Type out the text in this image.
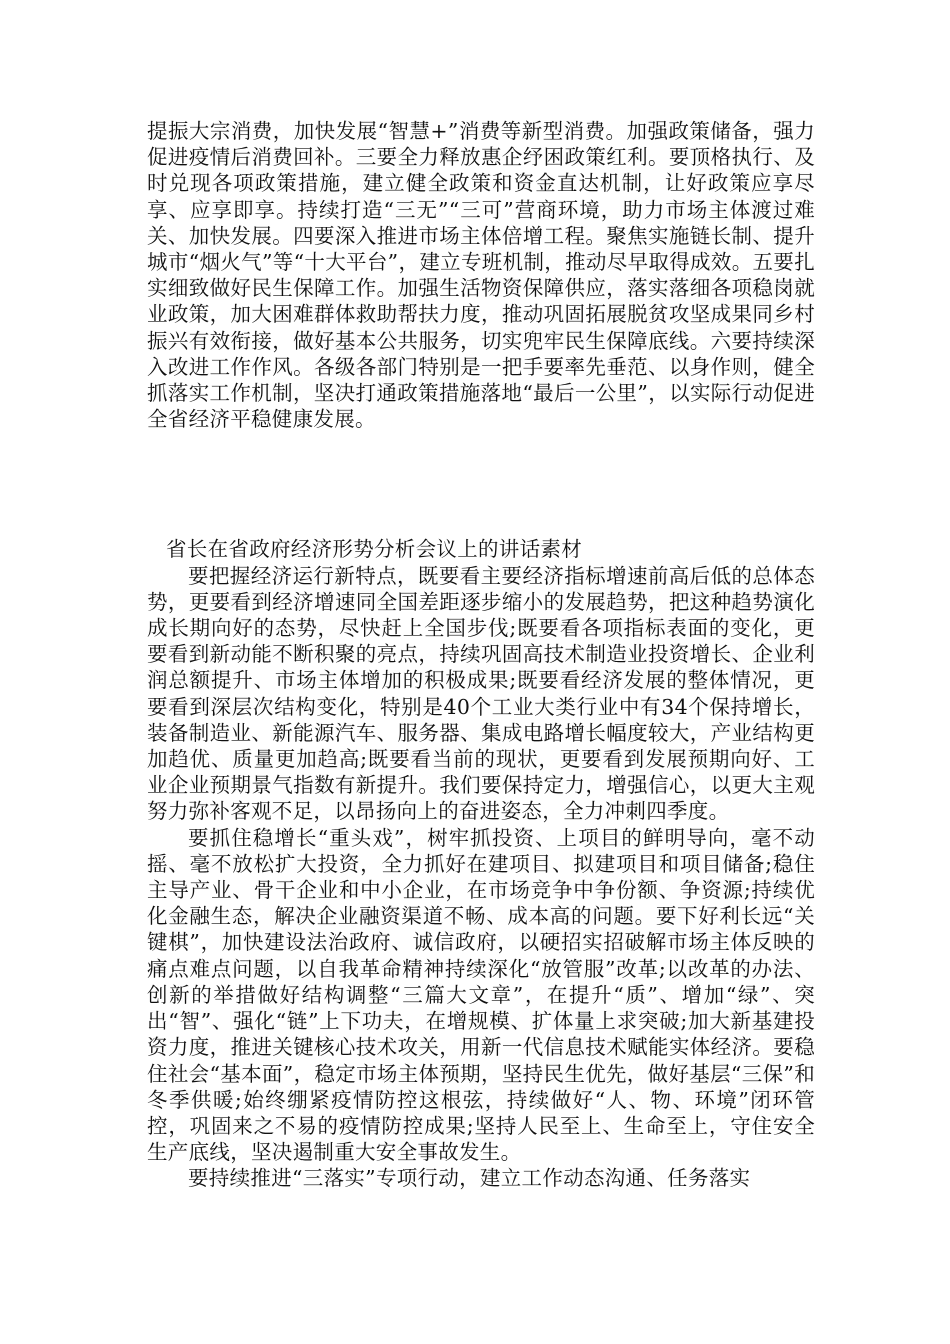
提振大宗消费，加快发展“智慧+”消费等新型消费。加强政策储备，强力促进疫情后消费回补。三要全力释放惠企纾困政策红利。要顶格执行、及时兑现各项政策措施，建立健全政策和资金直达机制，让好政策应享尽享、应享即享。持续打造“三无”“三可”营商环境，助力市场主体渡过难关、加快发展。四要深入推进市场主体倍增工程。聚焦实施链长制、提升城市“烟火气”等“十大平台”，建立专班机制，推动尽早取得成效。五要扎实细致做好民生保障工作。加强生活物资保障供应，落实落细各项稳岗就业政策，加大困难群体救助帮扶力度，推动巩固拓展脱贫攻坚成果同乡村振兴有效衔接，做好基本公共服务，切实兜牢民生保障底线。六要持续深入改进工作作风。各级各部门特别是一把手要率先垂范、以身作则，健全抓落实工作机制，坚决打通政策措施落地“最后一公里”，以实际行动促进全省经济平稳健康发展。

省长在省政府经济形势分析会议上的讲话素材

要把握经济运行新特点，既要看主要经济指标增速前高后低的总体态势，更要看到经济增速同全国差距逐步缩小的发展趋势，把这种趋势演化成长期向好的态势，尽快赶上全国步伐;既要看各项指标表面的变化，更要看到新动能不断积聚的亮点，持续巩固高技术制造业投资增长、企业利润总额提升、市场主体增加的积极成果;既要看经济发展的整体情况，更要看到深层次结构变化，特别是40个工业大类行业中有34个保持增长，装备制造业、新能源汽车、服务器、集成电路增长幅度较大，产业结构更加趋优、质量更加趋高;既要看当前的现状，更要看到发展预期向好、工业企业预期景气指数有新提升。我们要保持定力，增强信心，以更大主观努力弥补客观不足，以昂扬向上的奋进姿态，全力冲刺四季度。

要抓住稳增长“重头戏”，树牢抓投资、上项目的鲜明导向，毫不动摇、毫不放松扩大投资，全力抓好在建项目、拟建项目和项目储备;稳住主导产业、骨干企业和中小企业，在市场竞争中争份额、争资源;持续优化金融生态，解决企业融资渠道不畅、成本高的问题。要下好利长远“关键棋”，加快建设法治政府、诚信政府，以硬招实招破解市场主体反映的痛点难点问题，以自我革命精神持续深化“放管服”改革;以改革的办法、创新的举措做好结构调整“三篇大文章”，在提升“质”、增加“绿”、突出“智”、强化“链”上下功夫，在增规模、扩体量上求突破;加大新基建投资力度，推进关键核心技术攻关，用新一代信息技术赋能实体经济。要稳住社会“基本面”，稳定市场主体预期，坚持民生优先，做好基层“三保”和冬季供暖;始终绷紧疫情防控这根弦，持续做好“人、物、环境”闭环管控，巩固来之不易的疫情防控成果;坚持人民至上、生命至上，守住安全生产底线，坚决遏制重大安全事故发生。

要持续推进“三落实”专项行动，建立工作动态沟通、任务落实
